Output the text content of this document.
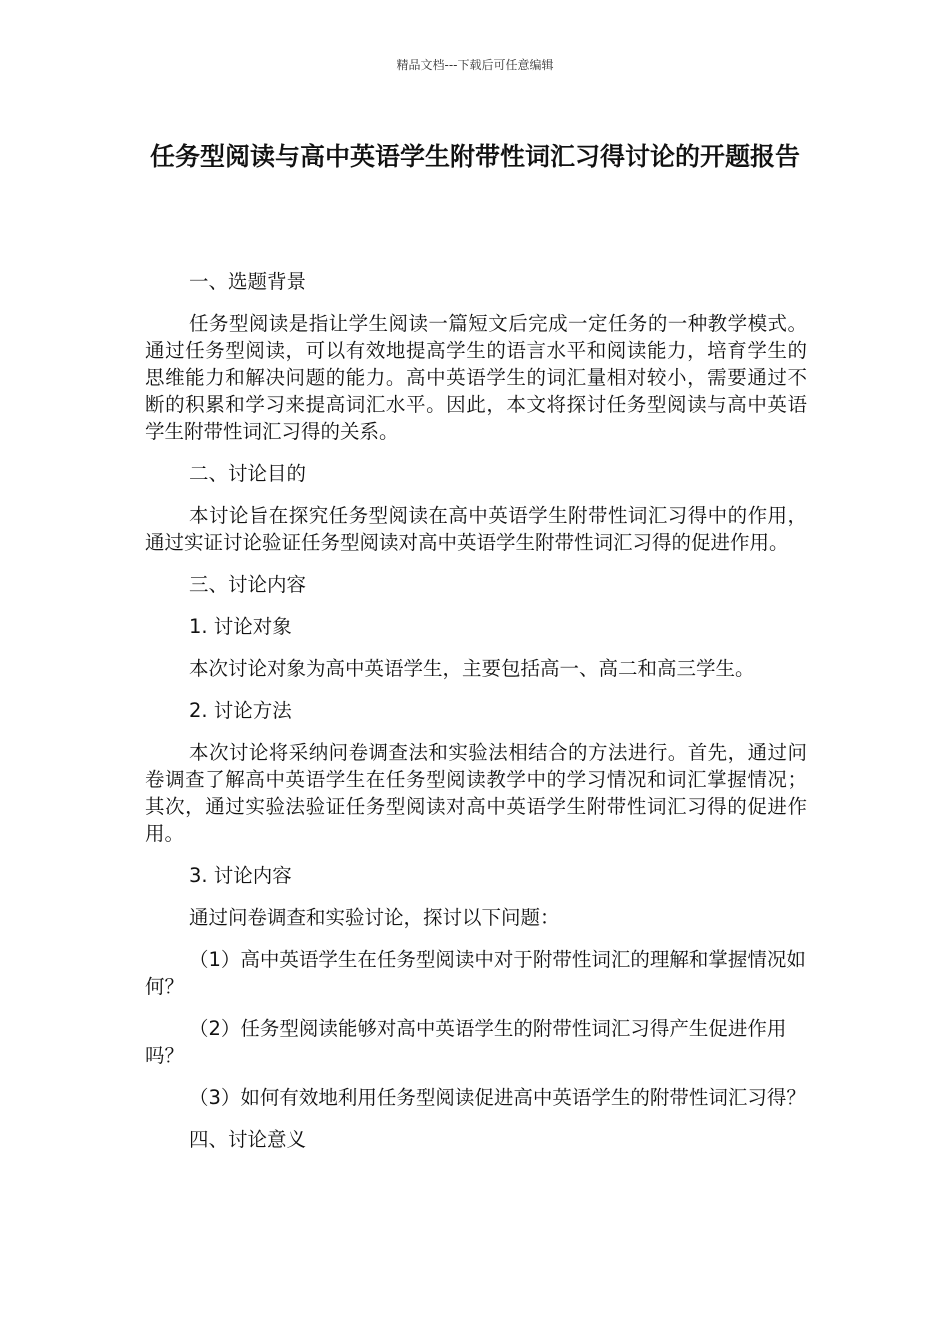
精品文档---下载后可任意编辑
任务型阅读与高中英语学生附带性词汇习得讨论的开题报告
一、选题背景
任务型阅读是指让学生阅读一篇短文后完成一定任务的一种教学模式。通过任务型阅读，可以有效地提高学生的语言水平和阅读能力，培育学生的思维能力和解决问题的能力。高中英语学生的词汇量相对较小，需要通过不断的积累和学习来提高词汇水平。因此，本文将探讨任务型阅读与高中英语学生附带性词汇习得的关系。
二、讨论目的
本讨论旨在探究任务型阅读在高中英语学生附带性词汇习得中的作用，通过实证讨论验证任务型阅读对高中英语学生附带性词汇习得的促进作用。
三、讨论内容
1. 讨论对象
本次讨论对象为高中英语学生，主要包括高一、高二和高三学生。
2. 讨论方法
本次讨论将采纳问卷调查法和实验法相结合的方法进行。首先，通过问卷调查了解高中英语学生在任务型阅读教学中的学习情况和词汇掌握情况；其次，通过实验法验证任务型阅读对高中英语学生附带性词汇习得的促进作用。
3. 讨论内容
通过问卷调查和实验讨论，探讨以下问题：
（1）高中英语学生在任务型阅读中对于附带性词汇的理解和掌握情况如何？
（2）任务型阅读能够对高中英语学生的附带性词汇习得产生促进作用吗？
（3）如何有效地利用任务型阅读促进高中英语学生的附带性词汇习得？
四、讨论意义
